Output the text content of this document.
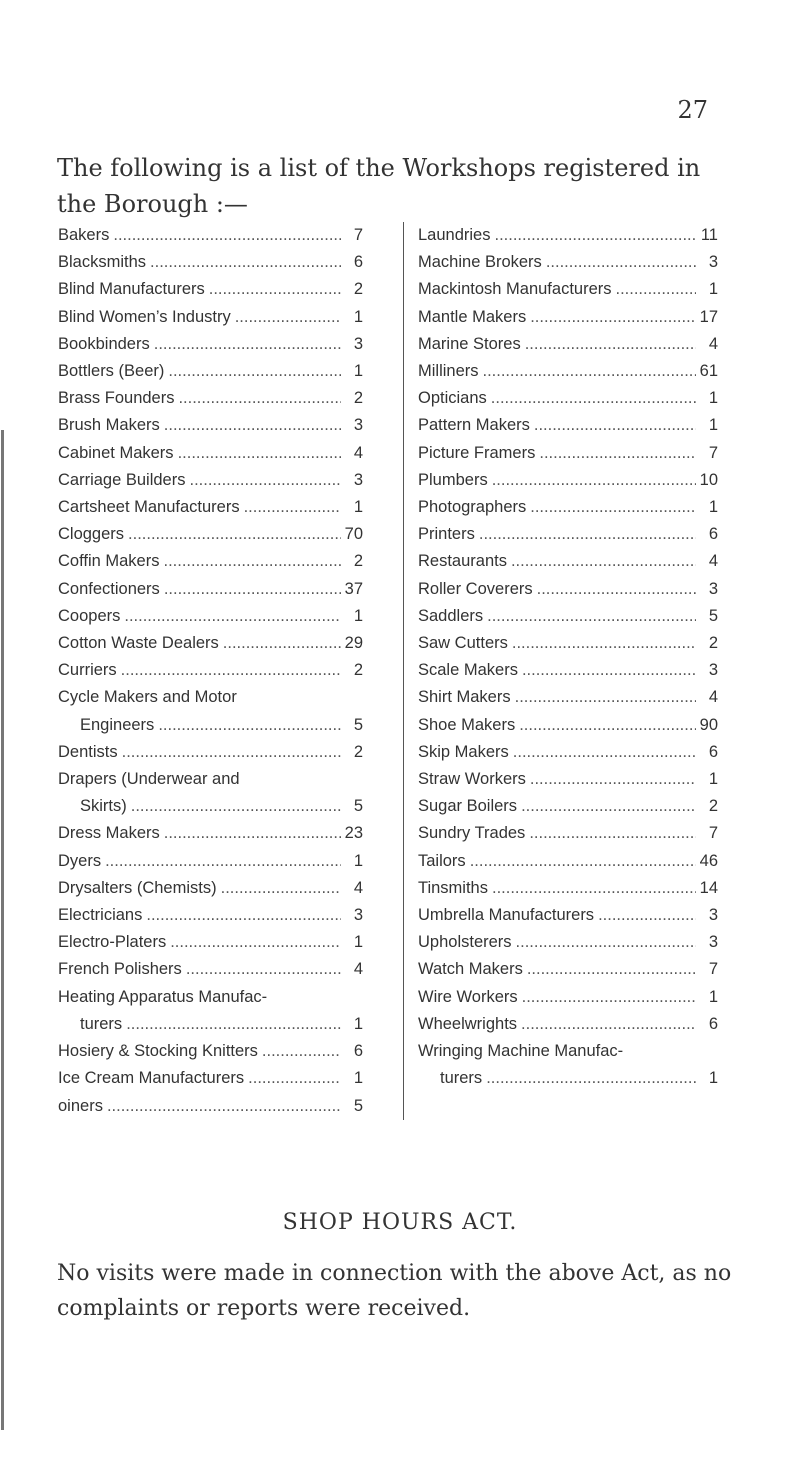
27
The following is a list of the Workshops registered in the Borough :—
Bakers .....	7
Blacksmiths .....	6
Blind Manufacturers .....	2
Blind Women’s Industry .....	1
Bookbinders .....	3
Bottlers (Beer) .....	1
Brass Founders .....	2
Brush Makers .....	3
Cabinet Makers .....	4
Carriage Builders .....	3
Cartsheet Manufacturers .....	1
Cloggers .....	70
Coffin Makers .....	2
Confectioners .....	37
Coopers .....	1
Cotton Waste Dealers .....	29
Curriers .....	2
Cycle Makers and Motor
Engineers .....	5
Dentists .....	2
Drapers (Underwear and
Skirts) .....	5
Dress Makers .....	23
Dyers .....	1
Drysalters (Chemists) .....	4
Electricians .....	3
Electro-Platers .....	1
French Polishers .....	4
Heating Apparatus Manufac-
turers .....	1
Hosiery & Stocking Knitters .....	6
Ice Cream Manufacturers .....	1
oiners .....	5
Laundries .....	11
Machine Brokers .....	3
Mackintosh Manufacturers .....	1
Mantle Makers .....	17
Marine Stores .....	4
Milliners .....	61
Opticians .....	1
Pattern Makers .....	1
Picture Framers .....	7
Plumbers .....	10
Photographers .....	1
Printers .....	6
Restaurants .....	4
Roller Coverers .....	3
Saddlers .....	5
Saw Cutters .....	2
Scale Makers .....	3
Shirt Makers .....	4
Shoe Makers .....	90
Skip Makers .....	6
Straw Workers .....	1
Sugar Boilers .....	2
Sundry Trades .....	7
Tailors .....	46
Tinsmiths .....	14
Umbrella Manufacturers .....	3
Upholsterers .....	3
Watch Makers .....	7
Wire Workers .....	1
Wheelwrights .....	6
Wringing Machine Manufac-
turers .....	1
SHOP HOURS ACT.
No visits were made in connection with the above Act, as no complaints or reports were received.
